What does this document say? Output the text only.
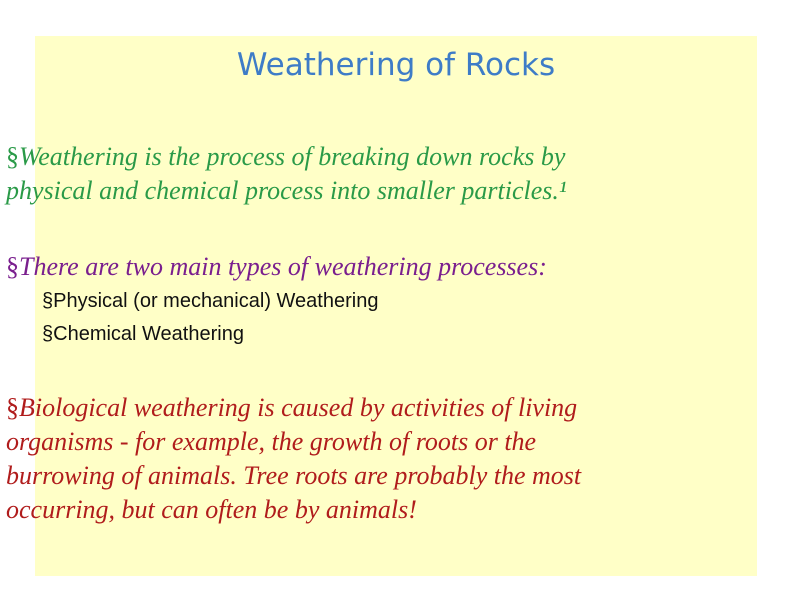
Weathering of Rocks
§Weathering is the process of breaking down rocks by
physical and chemical process into smaller particles.¹
§There are two main types of weathering processes:
§Physical (or mechanical) Weathering
§Chemical Weathering
§Biological weathering is caused by activities of living
organisms - for example, the growth of roots or the
burrowing of animals. Tree roots are probably the most
occurring, but can often be by animals!
